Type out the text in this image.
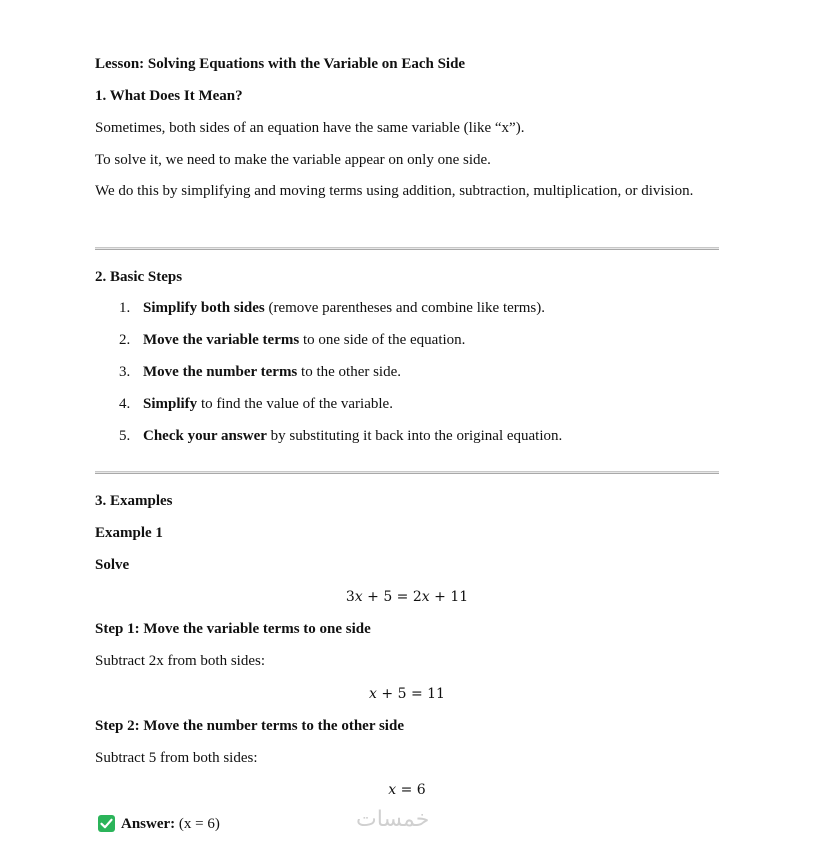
Lesson: Solving Equations with the Variable on Each Side
1. What Does It Mean?
Sometimes, both sides of an equation have the same variable (like “x”).
To solve it, we need to make the variable appear on only one side.
We do this by simplifying and moving terms using addition, subtraction, multiplication, or division.
2. Basic Steps
1. Simplify both sides (remove parentheses and combine like terms).
2. Move the variable terms to one side of the equation.
3. Move the number terms to the other side.
4. Simplify to find the value of the variable.
5. Check your answer by substituting it back into the original equation.
3. Examples
Example 1
Solve
3x + 5 = 2x + 11
Step 1: Move the variable terms to one side
Subtract 2x from both sides:
x + 5 = 11
Step 2: Move the number terms to the other side
Subtract 5 from both sides:
x = 6
Answer: (x = 6)	خمسات
